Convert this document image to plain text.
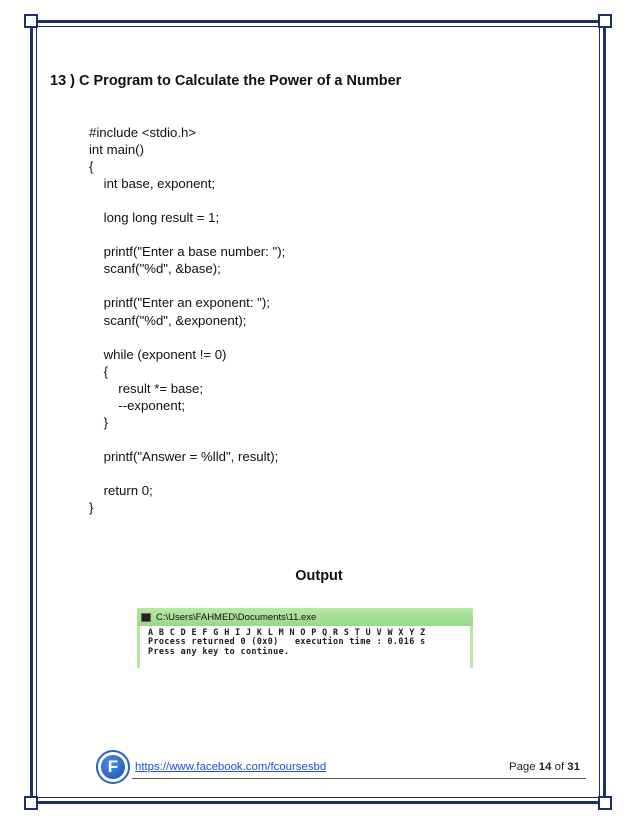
13 ) C Program to Calculate the Power of a Number
#include <stdio.h>
int main()
{
int base, exponent;
long long result = 1;
printf("Enter a base number: ");
scanf("%d", &base);
printf("Enter an exponent: ");
scanf("%d", &exponent);
while (exponent != 0)
{
result *= base;
--exponent;
}
printf("Answer = %lld", result);
return 0;
}
Output
C:\Users\FAHMED\Documents\11.exe
A B C D E F G H I J K L M N O P Q R S T U V W X Y Z
Process returned 0 (0x0)   execution time : 0.016 s
Press any key to continue.
F	https://www.facebook.com/fcoursesbd	Page 14 of 31
